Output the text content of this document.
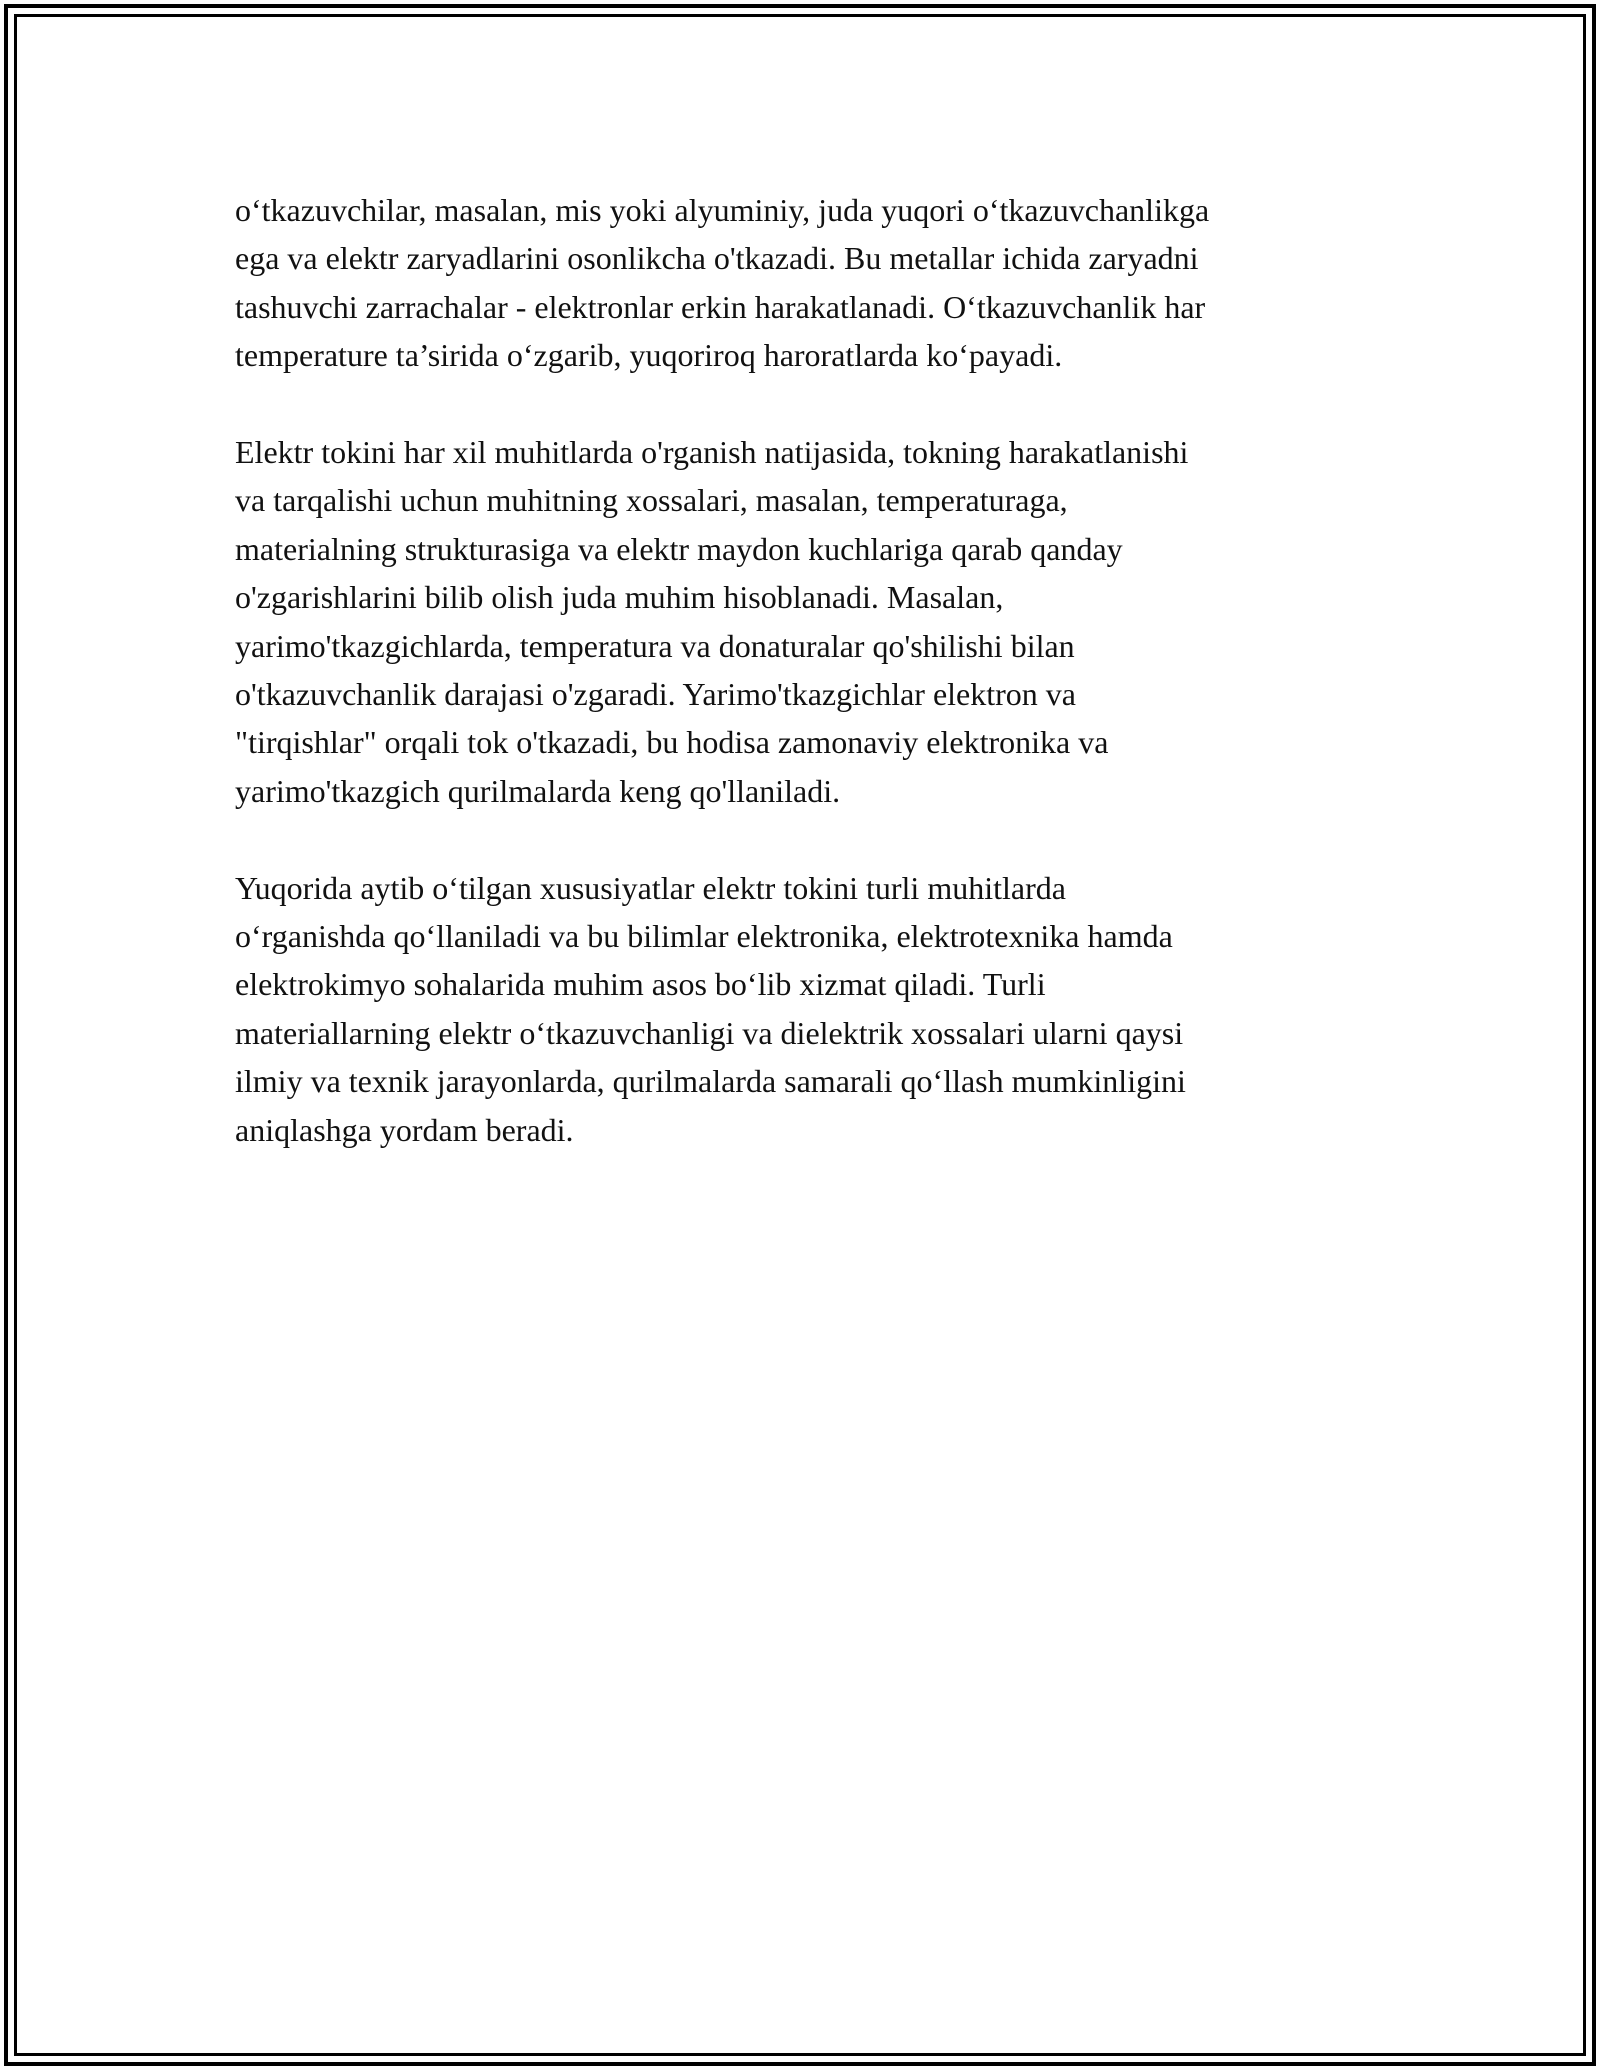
o‘tkazuvchilar, masalan, mis yoki alyuminiy, juda yuqori o‘tkazuvchanlikga
ega va elektr zaryadlarini osonlikcha o'tkazadi. Bu metallar ichida zaryadni
tashuvchi zarrachalar - elektronlar erkin harakatlanadi. O‘tkazuvchanlik har
temperature ta’sirida o‘zgarib, yuqoriroq haroratlarda ko‘payadi.

Elektr tokini har xil muhitlarda o'rganish natijasida, tokning harakatlanishi
va tarqalishi uchun muhitning xossalari, masalan, temperaturaga,
materialning strukturasiga va elektr maydon kuchlariga qarab qanday
o'zgarishlarini bilib olish juda muhim hisoblanadi. Masalan,
yarimo'tkazgichlarda, temperatura va donaturalar qo'shilishi bilan
o'tkazuvchanlik darajasi o'zgaradi. Yarimo'tkazgichlar elektron va
"tirqishlar" orqali tok o'tkazadi, bu hodisa zamonaviy elektronika va
yarimo'tkazgich qurilmalarda keng qo'llaniladi.

Yuqorida aytib o‘tilgan xususiyatlar elektr tokini turli muhitlarda
o‘rganishda qo‘llaniladi va bu bilimlar elektronika, elektrotexnika hamda
elektrokimyo sohalarida muhim asos bo‘lib xizmat qiladi. Turli
materiallarning elektr o‘tkazuvchanligi va dielektrik xossalari ularni qaysi
ilmiy va texnik jarayonlarda, qurilmalarda samarali qo‘llash mumkinligini
aniqlashga yordam beradi.
